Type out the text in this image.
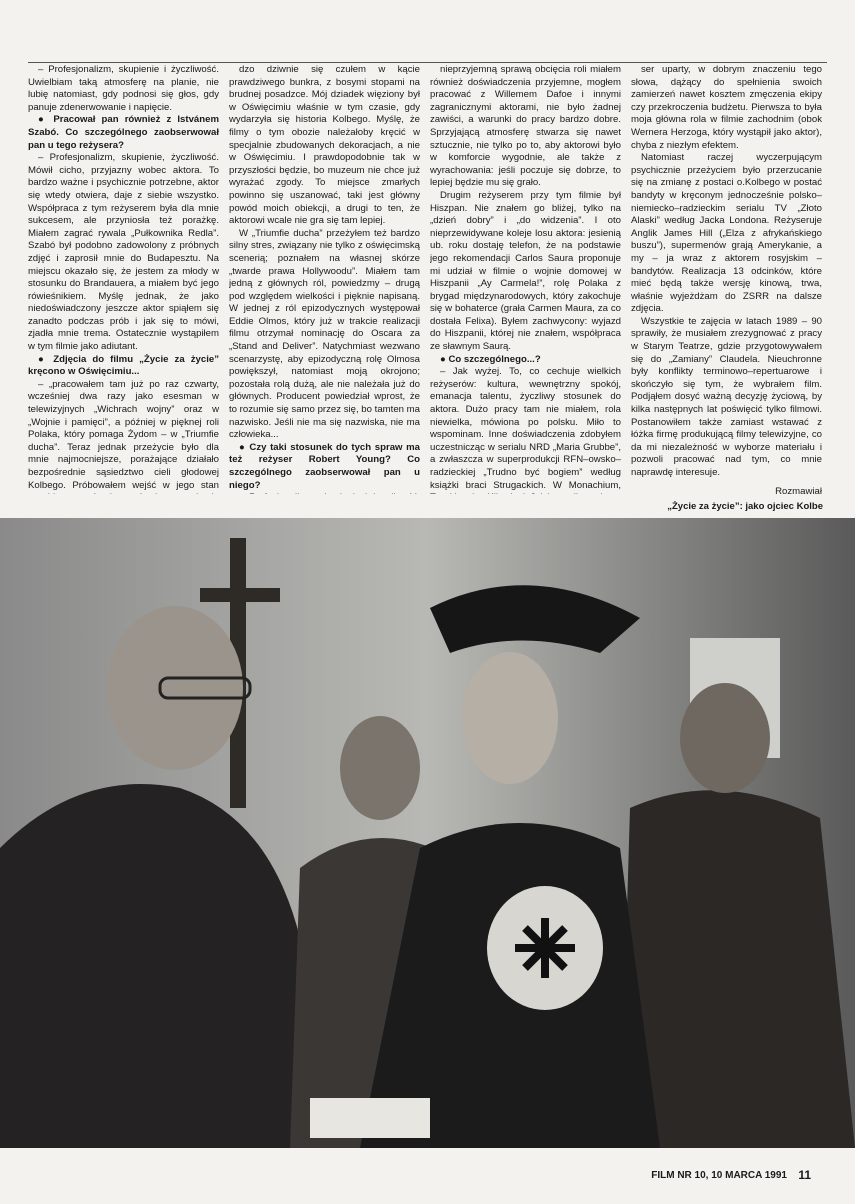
– Profesjonalizm, skupienie i życzliwość. Uwielbiam taką atmosferę na planie, nie lubię natomiast, gdy podnosi się głos, gdy panuje zdenerwowanie i napięcie.

● Pracował pan również z Istvánem Szabó. Co szczególnego zaobserwował pan u tego reżysera?

– Profesjonalizm, skupienie, życzliwość. Mówił cicho, przyjazny wobec aktora. To bardzo ważne i psychicznie potrzebne, aktor się wtedy otwiera, daje z siebie wszystko. Współpraca z tym reżyserem była dla mnie sukcesem, ale przyniosła też porażkę. Miałem zagrać rywala „Pułkownika Redla”. Szabó był podobno zadowolony z próbnych zdjęć i zaprosił mnie do Budapesztu. Na miejscu okazało się, że jestem za młody w stosunku do Brandauera, a miałem być jego rówieśnikiem. Myślę jednak, że jako niedoświadczony jeszcze aktor spiąłem się zanadto podczas prób i jak się to mówi, zjadła mnie trema. Ostatecznie wystąpiłem w tym filmie jako adiutant.

● Zdjęcia do filmu „Życie za życie” kręcono w Oświęcimiu...

– „pracowałem tam już po raz czwarty, wcześniej dwa razy jako esesman w telewizyjnych „Wichrach wojny” oraz w „Wojnie i pamięci”, a później w pięknej roli Polaka, który pomaga Żydom – w „Triumfie ducha”. Teraz jednak przeżycie było dla mnie najmocniejsze, porażające działało bezpośrednie sąsiedztwo cieli głodowej Kolbego. Próbowałem wejść w jego stan

dzo dziwnie się czułem w kącie prawdziwego bunkra, z bosymi stopami na brudnej posadzce. Mój dziadek więziony był w Oświęcimiu właśnie w tym czasie, gdy wydarzyła się historia Kolbego. Myślę, że filmy o tym obozie należałoby kręcić w specjalnie zbudowanych dekoracjach, a nie w Oświęcimiu. I prawdopodobnie tak w przyszłości będzie, bo muzeum nie chce już wyrażać zgody. To miejsce zmarłych powinno się uszanować, taki jest główny powód moich obiekcji, a drugi to ten, że aktorowi wcale nie gra się tam lepiej.

W „Triumfie ducha” przeżyłem też bardzo silny stres, związany nie tylko z oświęcimską scenerią; poznałem na własnej skórze „twarde prawa Hollywoodu”. Miałem tam jedną z głównych ról, powiedzmy – drugą pod względem wielkości i pięknie napisaną. W jednej z ról epizodycznych występował Eddie Olmos, który już w trakcie realizacji filmu otrzymał nominację do Oscara za „Stand and Deliver”. Natychmiast wezwano scenarzystę, aby epizodyczną rolę Olmosa powiększył, natomiast moją okrojono; pozostała rolą dużą, ale nie należała już do głównych. Producent powiedział wprost, że to rozumie się samo przez się, bo tamten ma nazwisko. Jeśli nie ma się nazwiska, nie ma człowieka...

● Czy taki stosunek do tych spraw ma też reżyser Robert Young? Co szczególnego zaobserwował pan u niego?

nieprzyjemną sprawą obcięcia roli miałem również doświadczenia przyjemne, mogłem pracować z Willemem Dafoe i innymi zagranicznymi aktorami, nie było żadnej zawiści, a warunki do pracy bardzo dobre. Sprzyjającą atmosferę stwarza się nawet sztucznie, nie tylko po to, aby aktorowi było w komforcie wygodnie, ale także z wyrachowania: jeśli poczuje się dobrze, to lepiej będzie mu się grało.

Drugim reżyserem przy tym filmie był Hiszpan. Nie znałem go bliżej, tylko na „dzień dobry” i „do widzenia”. I oto nieprzewidywane koleje losu aktora: jesienią ub. roku dostaję telefon, że na podstawie jego rekomendacji Carlos Saura proponuje mi udział w filmie o wojnie domowej w Hiszpanii „Ay Carmela!”, rolę Polaka z brygad międzynarodowych, który zakochuje się w bohaterce (grała Carmen Maura, za co dostała Felixa). Byłem zachwycony: wyjazd do Hiszpanii, której nie znałem, współpraca ze sławnym Saurą.

● Co szczególnego...?

– Jak wyżej. To, co cechuje wielkich reżyserów: kultura, wewnętrzny spokój, emanacja talentu, życzliwy stosunek do aktora. Dużo pracy tam nie miałem, rola niewielka, mówiona po polsku. Miło to wspominam. Inne doświadczenia zdobyłem uczestnicząc w serialu NRD „Maria Grubbe”, a zwłaszcza w superprodukcji RFN–owsko–radzieckiej „Trudno być bogiem” według książki braci Strugackich. W Monachium,

ser uparty, w dobrym znaczeniu tego słowa, dążący do spełnienia swoich zamierzeń nawet kosztem zmęczenia ekipy czy przekroczenia budżetu. Pierwsza to była moja główna rola w filmie zachodnim (obok Wernera Herzoga, który wystąpił jako aktor), chyba z niezłym efektem.

Natomiast raczej wyczerpującym psychicznie przeżyciem było przerzucanie się na zmianę z postaci o.Kolbego w postać bandyty w kręconym jednocześnie polsko–niemiecko–radzieckim serialu TV „Złoto Alaski” według Jacka Londona. Reżyseruje Anglik James Hill („Elza z afrykańskiego buszu”), supermenów grają Amerykanie, a my – ja wraz z aktorem rosyjskim – bandytów. Realizacja 13 odcinków, które mieć będą także wersję kinową, trwa, właśnie wyjeżdżam do ZSRR na dalsze zdjęcia.

Wszystkie te zajęcia w latach 1989 – 90 sprawiły, że musiałem zrezygnować z pracy w Starym Teatrze, gdzie przygotowywałem się do „Zamiany” Claudela. Nieuchronne były konflikty terminowo–repertuarowe i skończyło się tym, że wybrałem film. Podjąłem dosyć ważną decyzję życiową, by kilka następnych lat poświęcić tylko filmowi. Postanowiłem także zamiast wstawać z łóżka firmę produkującą filmy telewizyjne, co da mi niezależność w wyborze materiału i pozwoli pracować nad tym, co mnie naprawdę interesuje.

Rozmawiał
„Życie za życie”: jako ojciec Kolbe
FILM NR 10, 10 MARCA 1991 11
